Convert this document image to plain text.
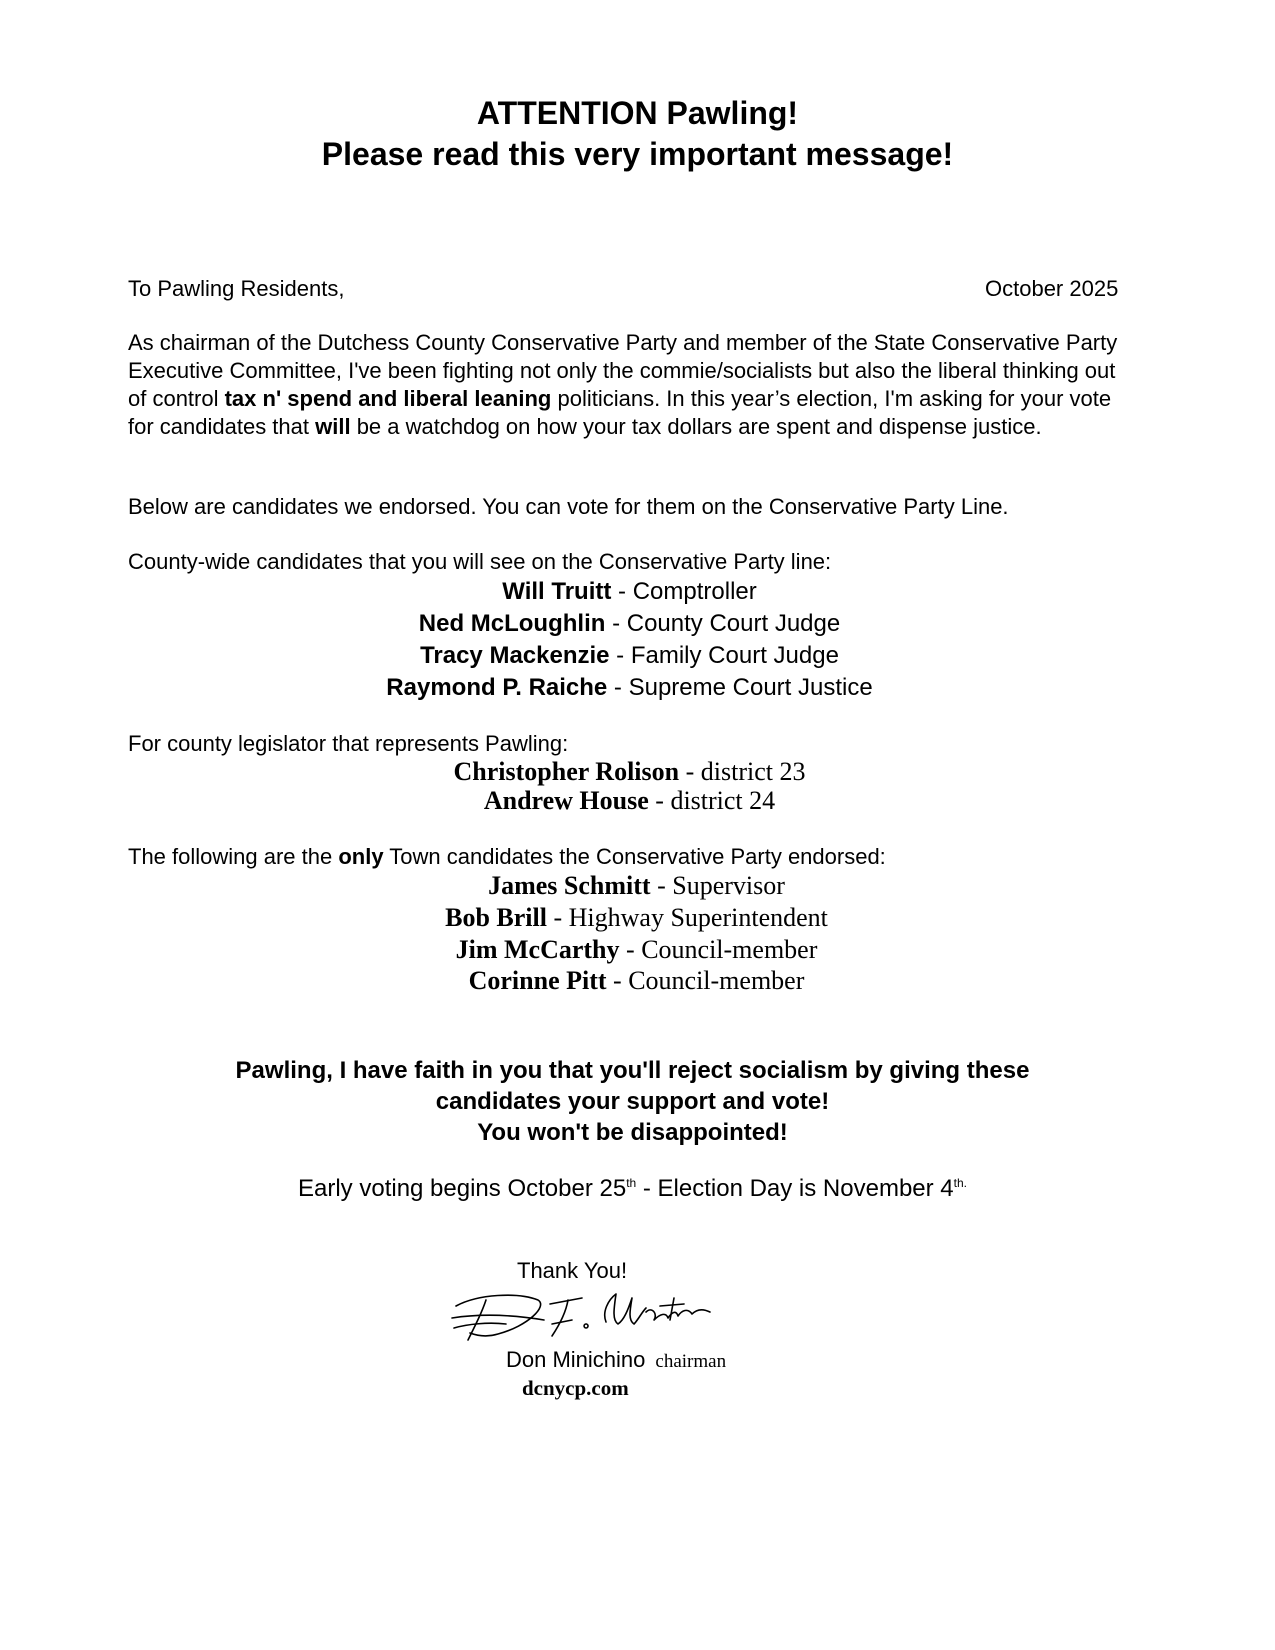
ATTENTION Pawling!
Please read this very important message!
To Pawling Residents,	October 2025
As chairman of the Dutchess County Conservative Party and member of the State Conservative Party Executive Committee, I've been fighting not only the commie/socialists but also the liberal thinking out of control tax n' spend and liberal leaning politicians. In this year’s election, I'm asking for your vote for candidates that will be a watchdog on how your tax dollars are spent and dispense justice.
Below are candidates we endorsed. You can vote for them on the Conservative Party Line.
County-wide candidates that you will see on the Conservative Party line:
Will Truitt - Comptroller
Ned McLoughlin - County Court Judge
Tracy Mackenzie - Family Court Judge
Raymond P. Raiche - Supreme Court Justice
For county legislator that represents Pawling:
Christopher Rolison - district 23
Andrew House - district 24
The following are the only Town candidates the Conservative Party endorsed:
James Schmitt - Supervisor
Bob Brill - Highway Superintendent
Jim McCarthy - Council-member
Corinne Pitt - Council-member
Pawling, I have faith in you that you'll reject socialism by giving these
candidates your support and vote!
You won't be disappointed!
Early voting begins October 25th - Election Day is November $4^{th.}$
Thank You!
Don Minichino chairman
dcnycp.com
